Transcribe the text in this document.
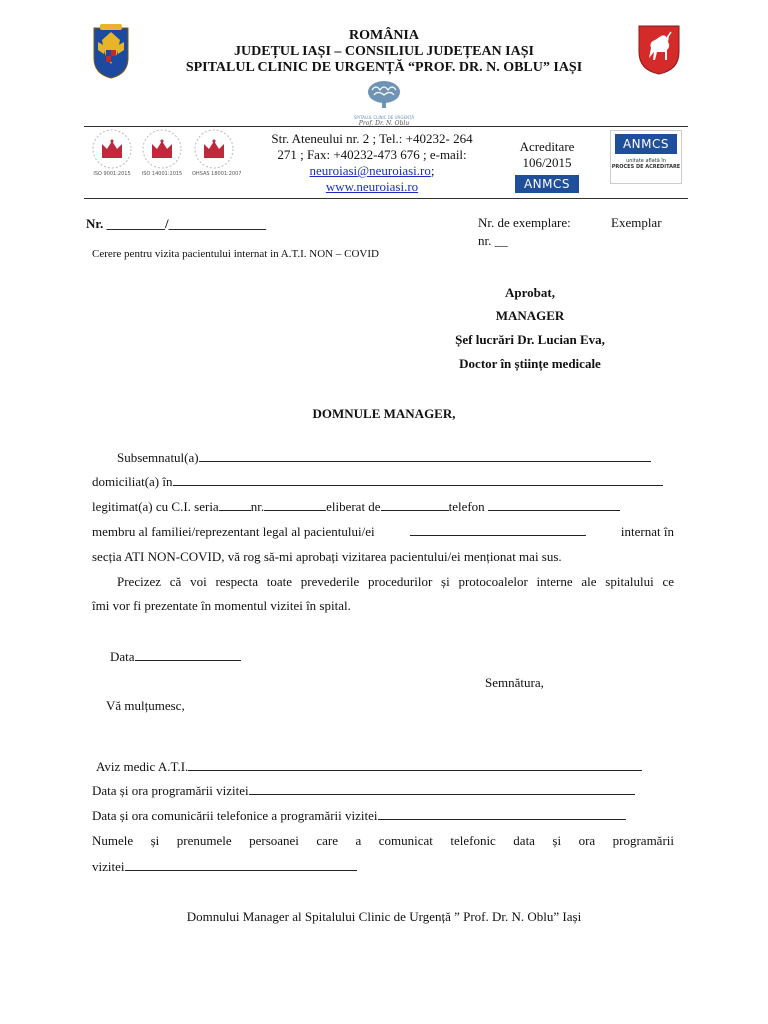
ROMÂNIA
JUDEȚUL IAȘI – CONSILIUL JUDEȚEAN IAȘI
SPITALUL CLINIC DE URGENȚĂ “PROF. DR. N. OBLU” IAȘI
SPITALUL CLINIC DE URGENȚĂ
Prof. Dr. N. Oblu
ISO 9001:2015	ISO 14001:2015	OHSAS 18001:2007
Str. Ateneului nr. 2 ; Tel.: +40232- 264
271 ; Fax: +40232-473 676 ; e-mail:
neuroiasi@neuroiasi.ro;
www.neuroiasi.ro
Acreditare
106/2015
ANMCS
ANMCS
unitate aflată în
PROCES DE ACREDITARE
Nr. _________/_______________	Nr. de exemplare:	Exemplar
nr. __
Cerere pentru vizita pacientului internat in A.T.I. NON – COVID
Aprobat,
MANAGER
Șef lucrări Dr. Lucian Eva,
Doctor în științe medicale
DOMNULE MANAGER,
Subsemnatul(a)
domiciliat(a) în
legitimat(a) cu C.I. seria nr.	eliberat de	telefon
membru al familiei/reprezentant legal al pacientului/ei	internat în
secția ATI NON-COVID, vă rog să-mi aprobați vizitarea pacientului/ei menționat mai sus.
Precizez că voi respecta toate prevederile procedurilor și protocoalelor interne ale spitalului ce
îmi vor fi prezentate în momentul vizitei în spital.
Data
Semnătura,
Vă mulțumesc,
Aviz medic A.T.I.
Data și ora programării vizitei
Data și ora comunicării telefonice a programării vizitei
Numele și prenumele persoanei care a comunicat telefonic data și ora programării
vizitei
Domnului Manager al Spitalului Clinic de Urgență ” Prof. Dr. N. Oblu” Iași
